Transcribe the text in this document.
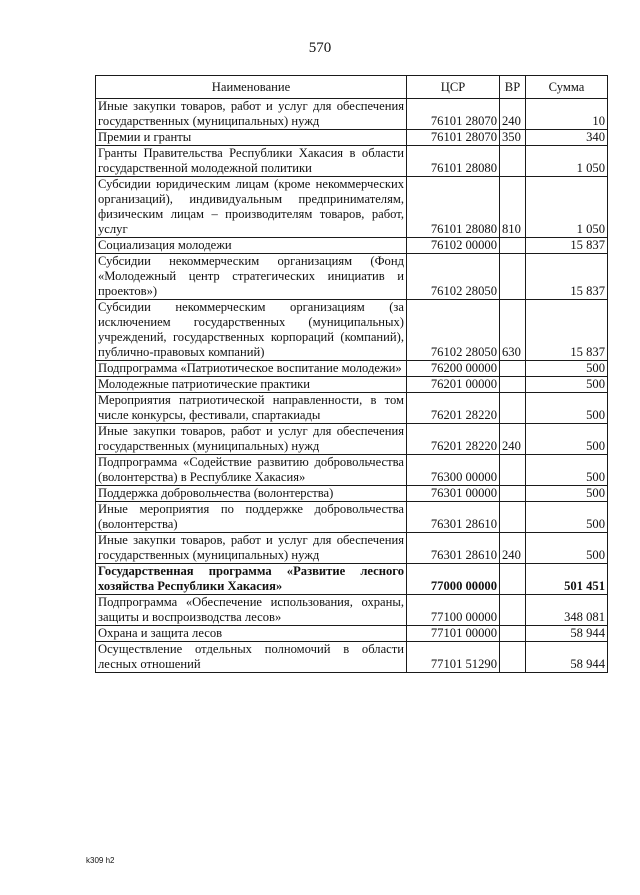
570
Наименование	ЦСР	ВР	Сумма
Иные закупки товаров, работ и услуг для обеспечения государственных (муниципальных) нужд	76101 28070	240	10
Премии и гранты	76101 28070	350	340
Гранты Правительства Республики Хакасия в области государственной молодежной политики	76101 28080		1 050
Субсидии юридическим лицам (кроме некоммерческих организаций), индивидуальным предпринимателям, физическим лицам – производителям товаров, работ, услуг	76101 28080	810	1 050
Социализация молодежи	76102 00000		15 837
Субсидии некоммерческим организациям (Фонд «Молодежный центр стратегических инициатив и проектов»)	76102 28050		15 837
Субсидии некоммерческим организациям (за исключением государственных (муниципальных) учреждений, государственных корпораций (компаний), публично-правовых компаний)	76102 28050	630	15 837
Подпрограмма «Патриотическое воспитание молодежи»	76200 00000		500
Молодежные патриотические практики	76201 00000		500
Мероприятия патриотической направленности, в том числе конкурсы, фестивали, спартакиады	76201 28220		500
Иные закупки товаров, работ и услуг для обеспечения государственных (муниципальных) нужд	76201 28220	240	500
Подпрограмма «Содействие развитию добровольчества (волонтерства) в Республике Хакасия»	76300 00000		500
Поддержка добровольчества (волонтерства)	76301 00000		500
Иные мероприятия по поддержке добровольчества (волонтерства)	76301 28610		500
Иные закупки товаров, работ и услуг для обеспечения государственных (муниципальных) нужд	76301 28610	240	500
Государственная программа «Развитие лесного хозяйства Республики Хакасия»	77000 00000		501 451
Подпрограмма «Обеспечение использования, охраны, защиты и воспроизводства лесов»	77100 00000		348 081
Охрана и защита лесов	77101 00000		58 944
Осуществление отдельных полномочий в области лесных отношений	77101 51290		58 944
k309 h2
